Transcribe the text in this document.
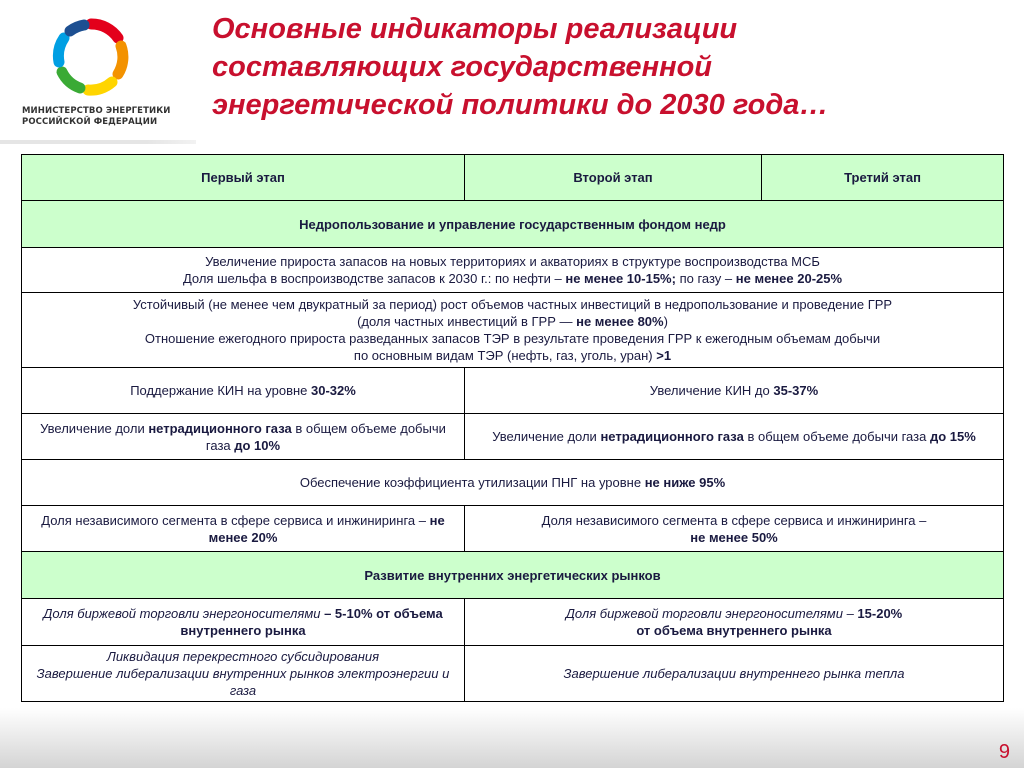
МИНИСТЕРСТВО ЭНЕРГЕТИКИ
РОССИЙСКОЙ ФЕДЕРАЦИИ
Основные индикаторы реализации
составляющих государственной
энергетической политики до 2030 года…
Первый этап	Второй этап	Третий этап
Недропользование и управление государственным фондом недр		

Увеличение прироста запасов на новых территориях и акваториях в структуре воспроизводства МСБ
Доля шельфа в воспроизводстве запасов к 2030 г.: по нефти – не менее 10-15%; по газу – не менее 20-25%		

Устойчивый (не менее чем двукратный за период) рост объемов частных инвестиций в недропользование и проведение ГРР
(доля частных инвестиций в ГРР — не менее 80%)
Отношение ежегодного прироста разведанных запасов ТЭР в результате проведения ГРР к ежегодным объемам добычи
по основным видам ТЭР (нефть, газ, уголь, уран) >1		

Поддержание КИН на уровне 30-32%	Увеличение КИН до 35-37%	
Увеличение доли нетрадиционного газа в общем объеме добычи газа до 10%	Увеличение доли нетрадиционного газа в общем объеме добычи газа до 15%	
Обеспечение коэффициента утилизации ПНГ на уровне не ниже 95%		
Доля независимого сегмента в сфере сервиса и инжиниринга – не менее 20%	Доля независимого сегмента в сфере сервиса и инжиниринга –
не менее 50%	

Развитие внутренних энергетических рынков		
Доля биржевой торговли энергоносителями – 5-10% от объема внутреннего рынка	Доля биржевой торговли энергоносителями – 15-20%
от объема внутреннего рынка	

Ликвидация перекрестного субсидирования
Завершение либерализации внутренних рынков электроэнергии и газа	Завершение либерализации внутреннего рынка тепла	
9
